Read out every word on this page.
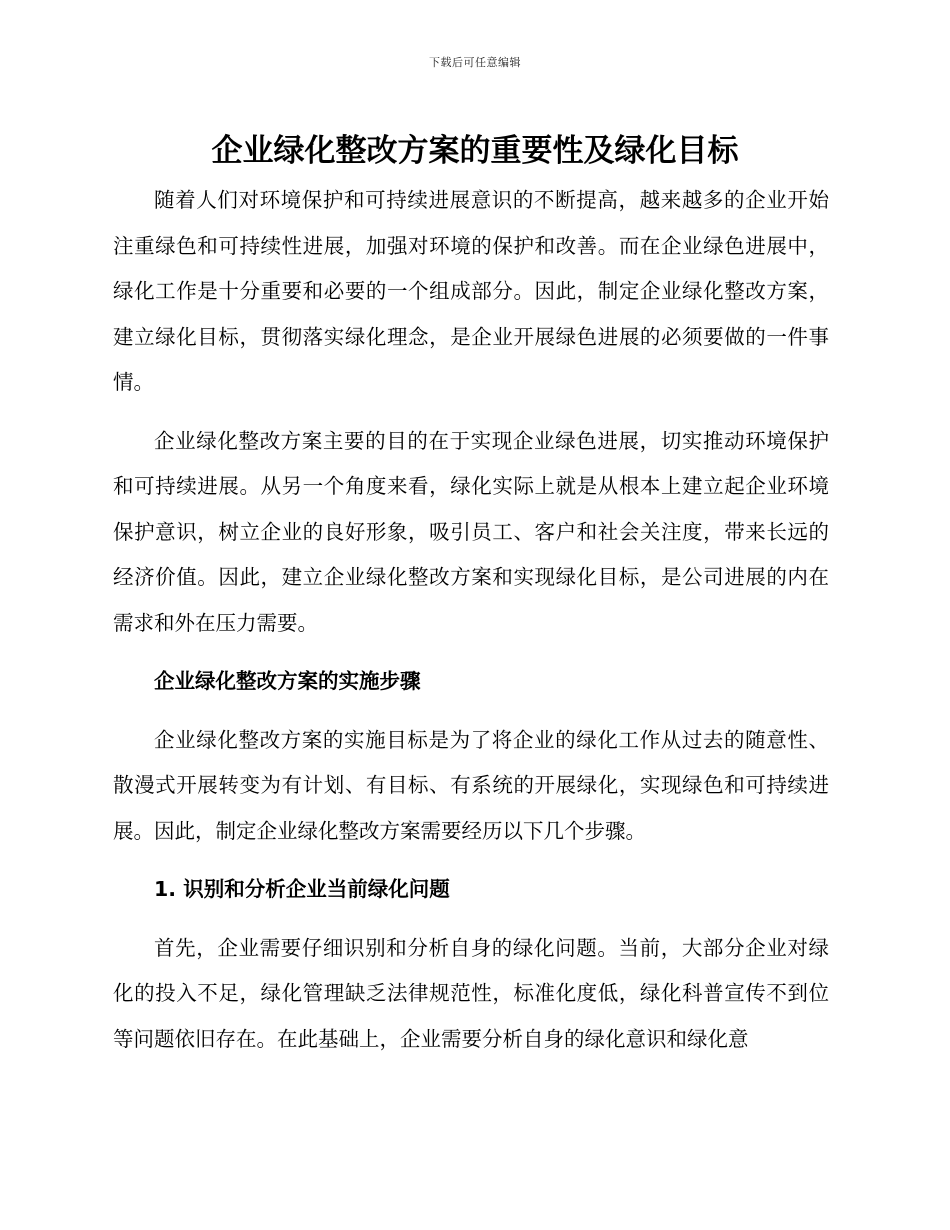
下载后可任意编辑
企业绿化整改方案的重要性及绿化目标

随着人们对环境保护和可持续进展意识的不断提高，越来越多的企业开始注重绿色和可持续性进展，加强对环境的保护和改善。而在企业绿色进展中，绿化工作是十分重要和必要的一个组成部分。因此，制定企业绿化整改方案，建立绿化目标，贯彻落实绿化理念，是企业开展绿色进展的必须要做的一件事情。

企业绿化整改方案主要的目的在于实现企业绿色进展，切实推动环境保护和可持续进展。从另一个角度来看，绿化实际上就是从根本上建立起企业环境保护意识，树立企业的良好形象，吸引员工、客户和社会关注度，带来长远的经济价值。因此，建立企业绿化整改方案和实现绿化目标，是公司进展的内在需求和外在压力需要。

企业绿化整改方案的实施步骤

企业绿化整改方案的实施目标是为了将企业的绿化工作从过去的随意性、散漫式开展转变为有计划、有目标、有系统的开展绿化，实现绿色和可持续进展。因此，制定企业绿化整改方案需要经历以下几个步骤。

1. 识别和分析企业当前绿化问题

首先，企业需要仔细识别和分析自身的绿化问题。当前，大部分企业对绿化的投入不足，绿化管理缺乏法律规范性，标准化度低，绿化科普宣传不到位等问题依旧存在。在此基础上，企业需要分析自身的绿化意识和绿化意
